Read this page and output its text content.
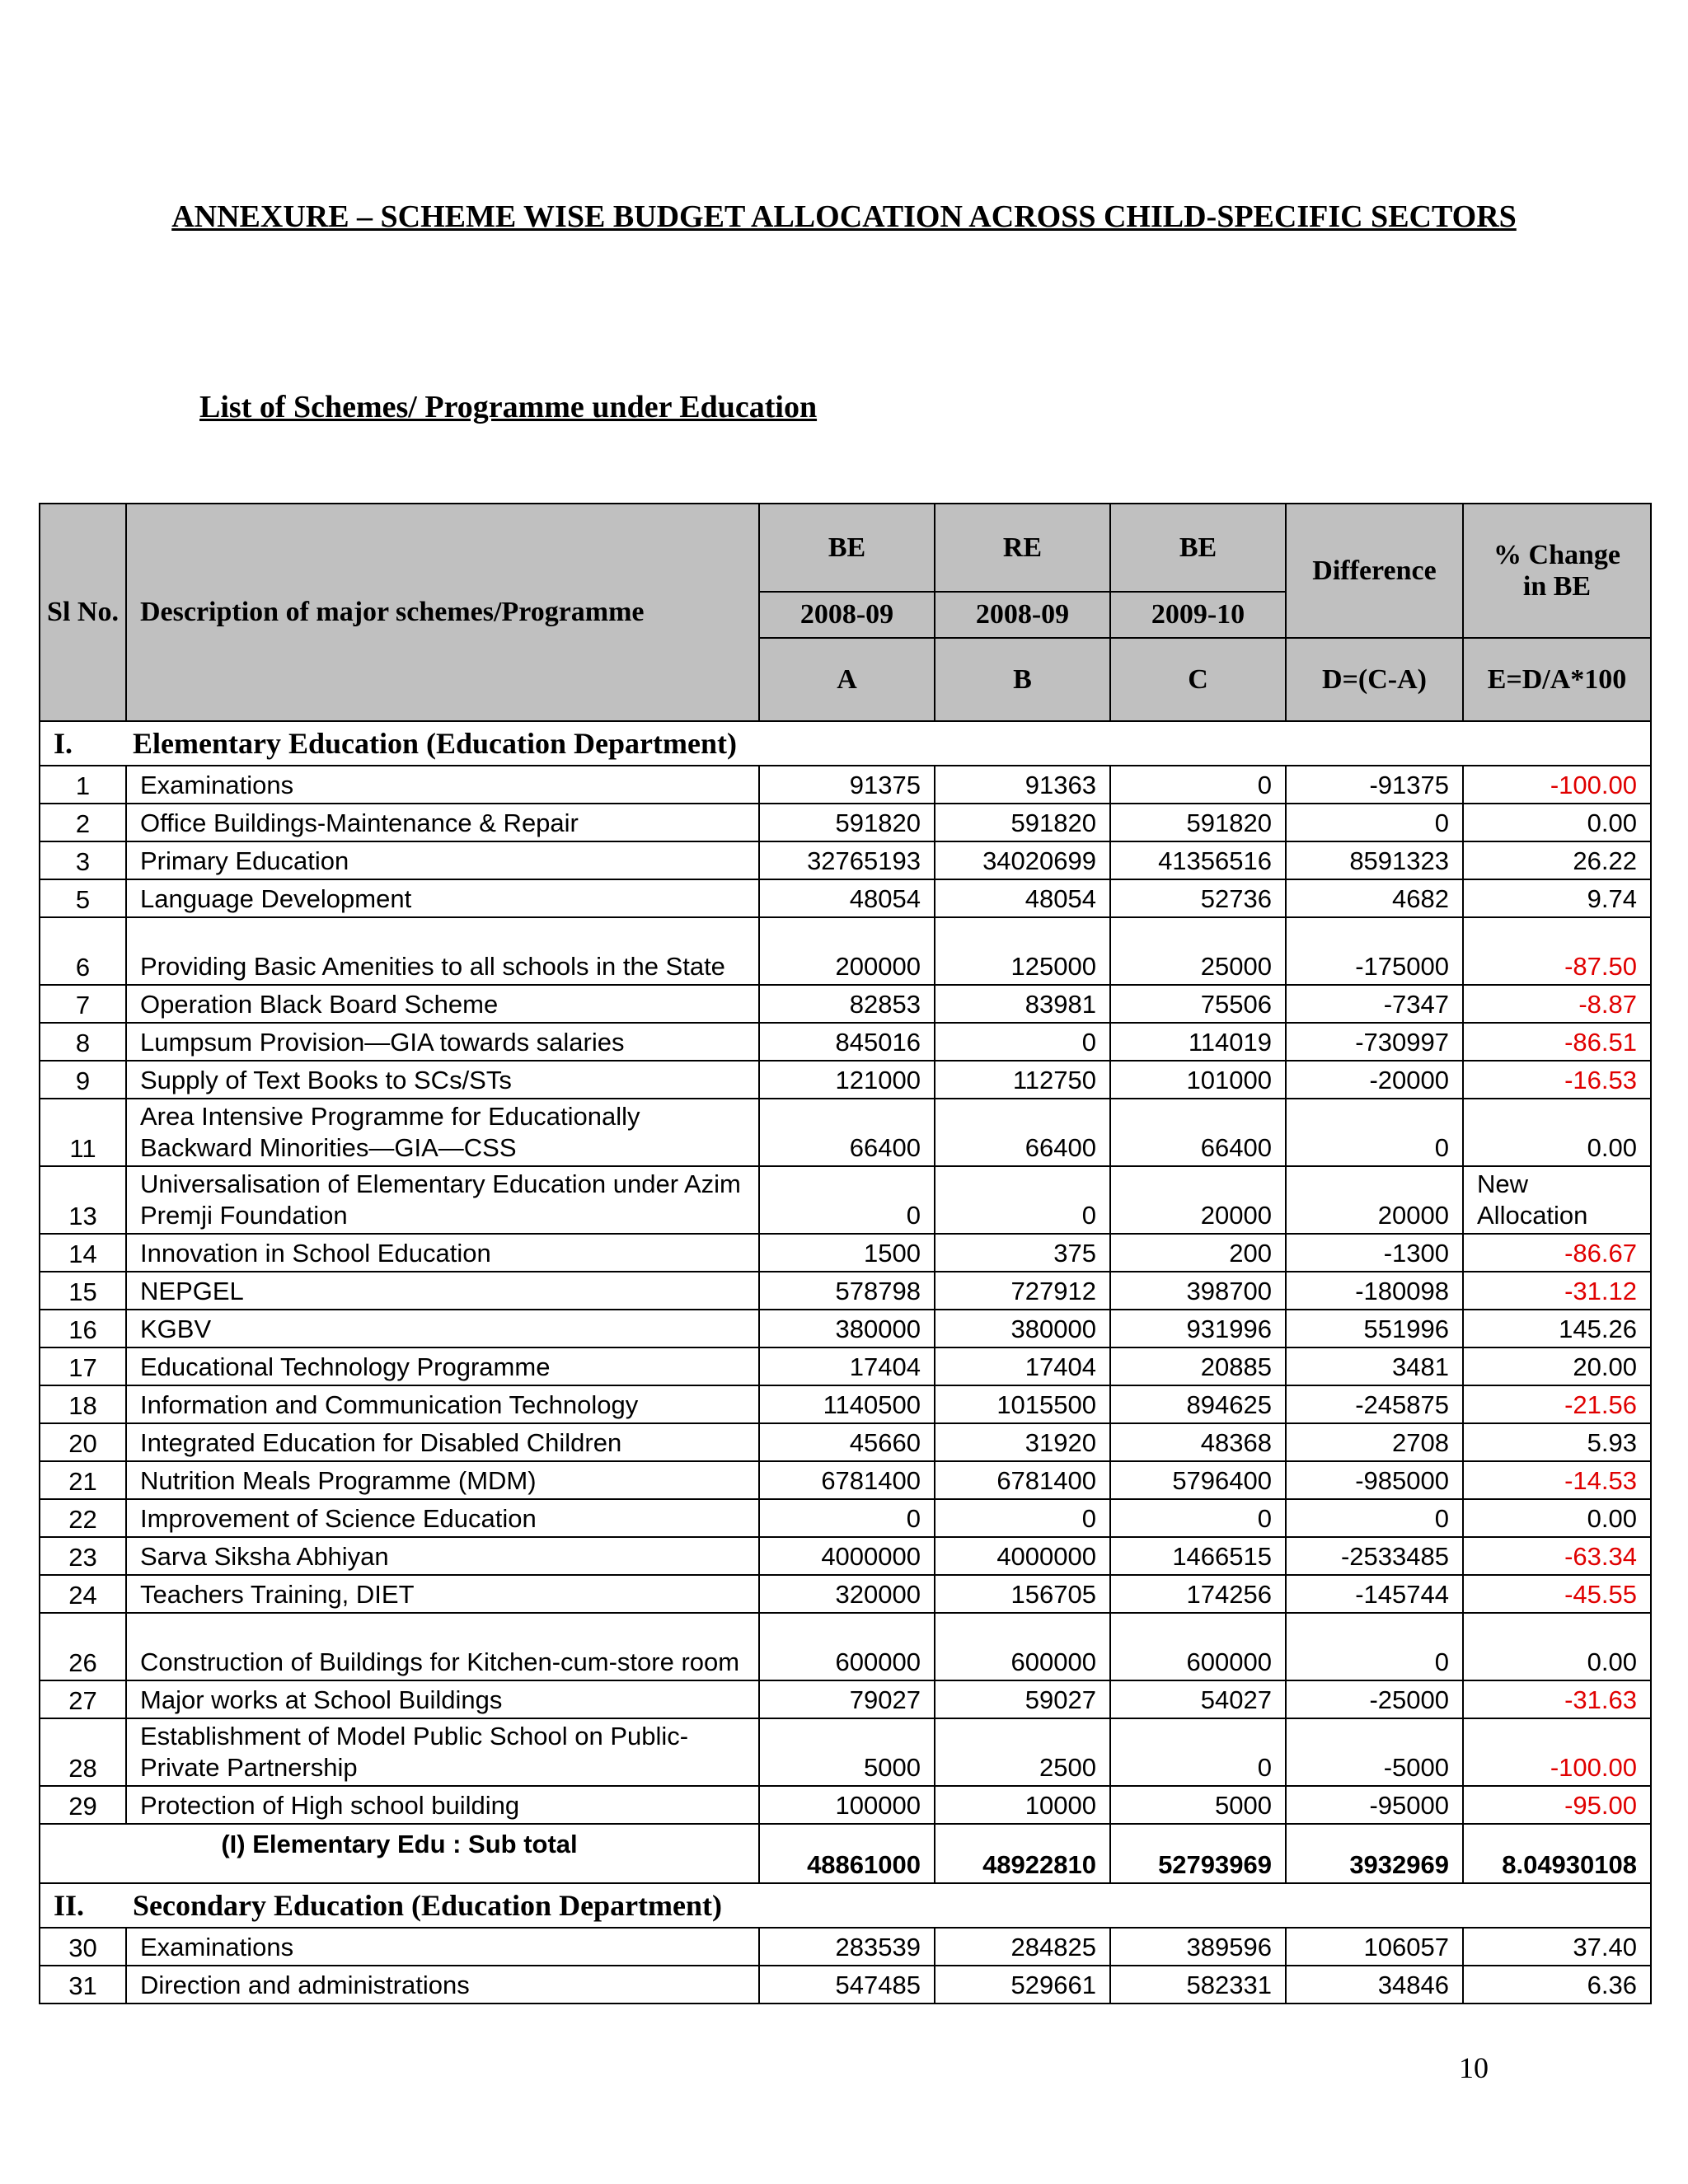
ANNEXURE – SCHEME WISE BUDGET ALLOCATION ACROSS CHILD-SPECIFIC SECTORS
List of Schemes/ Programme under Education
Sl No.	Description of major schemes/Programme	BE	RE	BE	Difference	% Change in BE
		2008-09	2008-09	2009-10		
		A	B	C	D=(C-A)	E=D/A*100
I. Elementary Education (Education Department)						
1	Examinations	91375	91363	0	-91375	-100.00
2	Office Buildings-Maintenance & Repair	591820	591820	591820	0	0.00
3	Primary Education	32765193	34020699	41356516	8591323	26.22
5	Language Development	48054	48054	52736	4682	9.74
6	Providing Basic Amenities to all schools in the State	200000	125000	25000	-175000	-87.50
7	Operation Black Board Scheme	82853	83981	75506	-7347	-8.87
8	Lumpsum Provision—GIA towards salaries	845016	0	114019	-730997	-86.51
9	Supply of Text Books to SCs/STs	121000	112750	101000	-20000	-16.53
11	Area Intensive Programme for Educationally Backward Minorities—GIA—CSS	66400	66400	66400	0	0.00
13	Universalisation of Elementary Education under Azim Premji Foundation	0	0	20000	20000	New Allocation
14	Innovation in School Education	1500	375	200	-1300	-86.67
15	NEPGEL	578798	727912	398700	-180098	-31.12
16	KGBV	380000	380000	931996	551996	145.26
17	Educational Technology Programme	17404	17404	20885	3481	20.00
18	Information and Communication Technology	1140500	1015500	894625	-245875	-21.56
20	Integrated Education for Disabled Children	45660	31920	48368	2708	5.93
21	Nutrition Meals Programme (MDM)	6781400	6781400	5796400	-985000	-14.53
22	Improvement of Science Education	0	0	0	0	0.00
23	Sarva Siksha Abhiyan	4000000	4000000	1466515	-2533485	-63.34
24	Teachers Training, DIET	320000	156705	174256	-145744	-45.55
26	Construction of Buildings for Kitchen-cum-store room	600000	600000	600000	0	0.00
27	Major works at School Buildings	79027	59027	54027	-25000	-31.63
28	Establishment of Model Public School on Public-Private Partnership	5000	2500	0	-5000	-100.00
29	Protection of High school building	100000	10000	5000	-95000	-95.00
(I) Elementary Edu : Sub total		48861000	48922810	52793969	3932969	8.04930108
II. Secondary Education (Education Department)						
30	Examinations	283539	284825	389596	106057	37.40
31	Direction and administrations	547485	529661	582331	34846	6.36
10
